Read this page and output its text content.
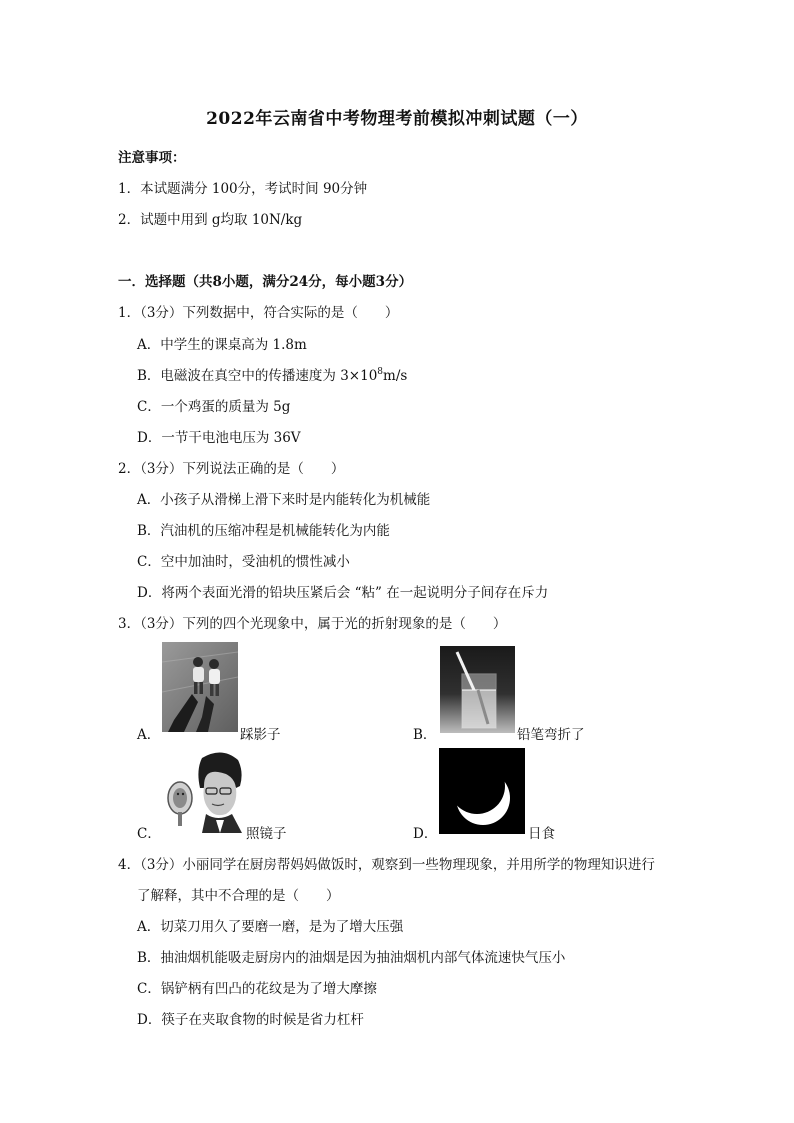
2022年云南省中考物理考前模拟冲刺试题（一）
注意事项：
1．本试题满分 100分，考试时间 90分钟
2．试题中用到 g均取 10N/kg
一．选择题（共8小题，满分24分，每小题3分）
1．（3分）下列数据中，符合实际的是（　　）
A．中学生的课桌高为 1.8m
B．电磁波在真空中的传播速度为 $3\times 10^8m/s$
C．一个鸡蛋的质量为 5g
D．一节干电池电压为 36V
2．（3分）下列说法正确的是（　　）
A．小孩子从滑梯上滑下来时是内能转化为机械能
B．汽油机的压缩冲程是机械能转化为内能
C．空中加油时，受油机的惯性减小
D．将两个表面光滑的铅块压紧后会 “粘” 在一起说明分子间存在斥力
3．（3分）下列的四个光现象中，属于光的折射现象的是（　　）
A．	踩影子	B．	铅笔弯折了
C．	照镜子	D．	日食
4．（3分）小丽同学在厨房帮妈妈做饭时，观察到一些物理现象，并用所学的物理知识进行
了解释，其中不合理的是（　　）
A．切菜刀用久了要磨一磨，是为了增大压强
B．抽油烟机能吸走厨房内的油烟是因为抽油烟机内部气体流速快气压小
C．锅铲柄有凹凸的花纹是为了增大摩擦
D．筷子在夹取食物的时候是省力杠杆
